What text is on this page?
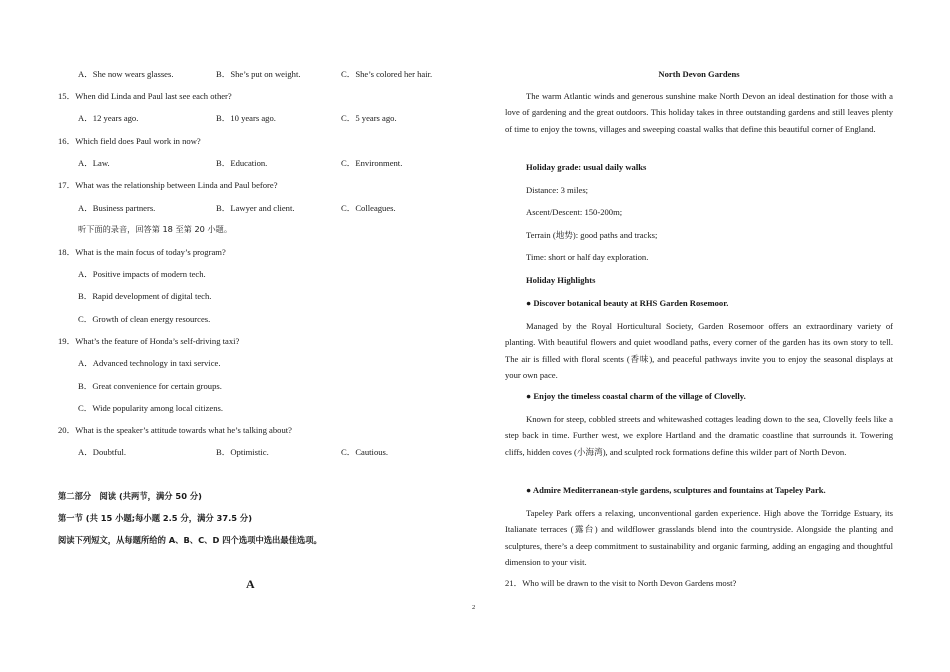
A．She now wears glasses.	B．She’s put on weight.	C．She’s colored her hair.
15．When did Linda and Paul last see each other?
A．12 years ago.	B．10 years ago.	C．5 years ago.
16．Which field does Paul work in now?
A．Law.	B．Education.	C．Environment.
17．What was the relationship between Linda and Paul before?
A．Business partners.	B．Lawyer and client.	C．Colleagues.
听下面的录音，回答第 18 至第 20 小题。
18．What is the main focus of today’s program?
A．Positive impacts of modern tech.
B．Rapid development of digital tech.
C．Growth of clean energy resources.
19．What’s the feature of Honda’s self-driving taxi?
A．Advanced technology in taxi service.
B．Great convenience for certain groups.
C．Wide popularity among local citizens.
20．What is the speaker’s attitude towards what he’s talking about?
A．Doubtful.	B．Optimistic.	C．Cautious.
第二部分　阅读 (共两节，满分 50 分)
第一节 (共 15 小题;每小题 2.5 分，满分 37.5 分)
阅读下列短文，从每题所给的 A、B、C、D 四个选项中选出最佳选项。
A
North Devon Gardens
The warm Atlantic winds and generous sunshine make North Devon an ideal destination for those with a love of gardening and the great outdoors. This holiday takes in three outstanding gardens and still leaves plenty of time to enjoy the towns, villages and sweeping coastal walks that define this beautiful corner of England.
Holiday grade: usual daily walks
Distance: 3 miles;
Ascent/Descent: 150-200m;
Terrain (地势): good paths and tracks;
Time: short or half day exploration.
Holiday Highlights
● Discover botanical beauty at RHS Garden Rosemoor.
Managed by the Royal Horticultural Society, Garden Rosemoor offers an extraordinary variety of planting. With beautiful flowers and quiet woodland paths, every corner of the garden has its own story to tell. The air is filled with floral scents (香味), and peaceful pathways invite you to enjoy the seasonal displays at your own pace.
● Enjoy the timeless coastal charm of the village of Clovelly.
Known for steep, cobbled streets and whitewashed cottages leading down to the sea, Clovelly feels like a step back in time. Further west, we explore Hartland and the dramatic coastline that surrounds it. Towering cliffs, hidden coves (小海湾), and sculpted rock formations define this wilder part of North Devon.
● Admire Mediterranean-style gardens, sculptures and fountains at Tapeley Park.
Tapeley Park offers a relaxing, unconventional garden experience. High above the Torridge Estuary, its Italianate terraces (露台) and wildflower grasslands blend into the countryside. Alongside the planting and sculptures, there’s a deep commitment to sustainability and organic farming, adding an engaging and thoughtful dimension to your visit.
21．Who will be drawn to the visit to North Devon Gardens most?
2
